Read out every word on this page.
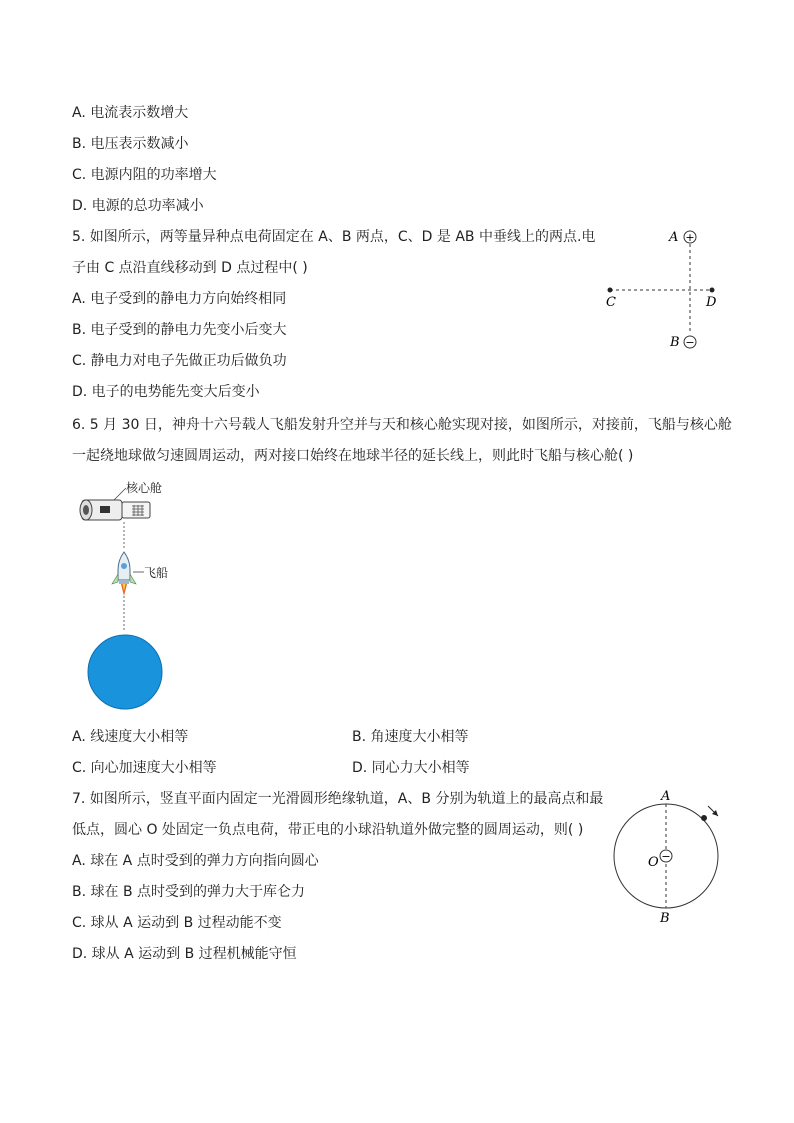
A. 电流表示数增大
B. 电压表示数减小
C. 电源内阻的功率增大
D. 电源的总功率减小
5. 如图所示，两等量异种点电荷固定在 A、B 两点，C、D 是 AB 中垂线上的两点.电
子由 C 点沿直线移动到 D 点过程中( )
A. 电子受到的静电力方向始终相同
B. 电子受到的静电力先变小后变大
C. 静电力对电子先做正功后做负功
D. 电子的电势能先变大后变小
+
−
A
B
C	D
6. 5 月 30 日，神舟十六号载人飞船发射升空并与天和核心舱实现对接，如图所示，对接前，飞船与核心舱
一起绕地球做匀速圆周运动，两对接口始终在地球半径的延长线上，则此时飞船与核心舱( )
核心舱
飞船
A. 线速度大小相等	B. 角速度大小相等
C. 向心加速度大小相等	D. 同心力大小相等
7. 如图所示，竖直平面内固定一光滑圆形绝缘轨道，A、B 分别为轨道上的最高点和最
低点，圆心 O 处固定一负点电荷，带正电的小球沿轨道外做完整的圆周运动，则( )
A. 球在 A 点时受到的弹力方向指向圆心
B. 球在 B 点时受到的弹力大于库仑力
C. 球从 A 运动到 B 过程动能不变
D. 球从 A 运动到 B 过程机械能守恒
−
A
B
O
